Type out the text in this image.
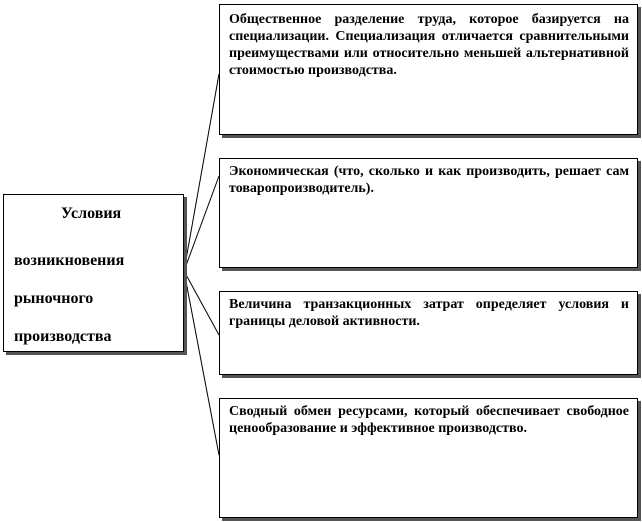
Условия
возникновения
рыночного
производства

Общественное разделение труда, которое базируется на специализации. Специализация отличается сравнительными преимуществами или относительно меньшей альтернативной стоимостью производства.

Экономическая (что, сколько и как производить, решает сам товаропроизводитель).

Величина транзакционных затрат определяет условия и границы деловой активности.

Сводный обмен ресурсами, который обеспечивает свободное ценообразование и эффективное производство.
